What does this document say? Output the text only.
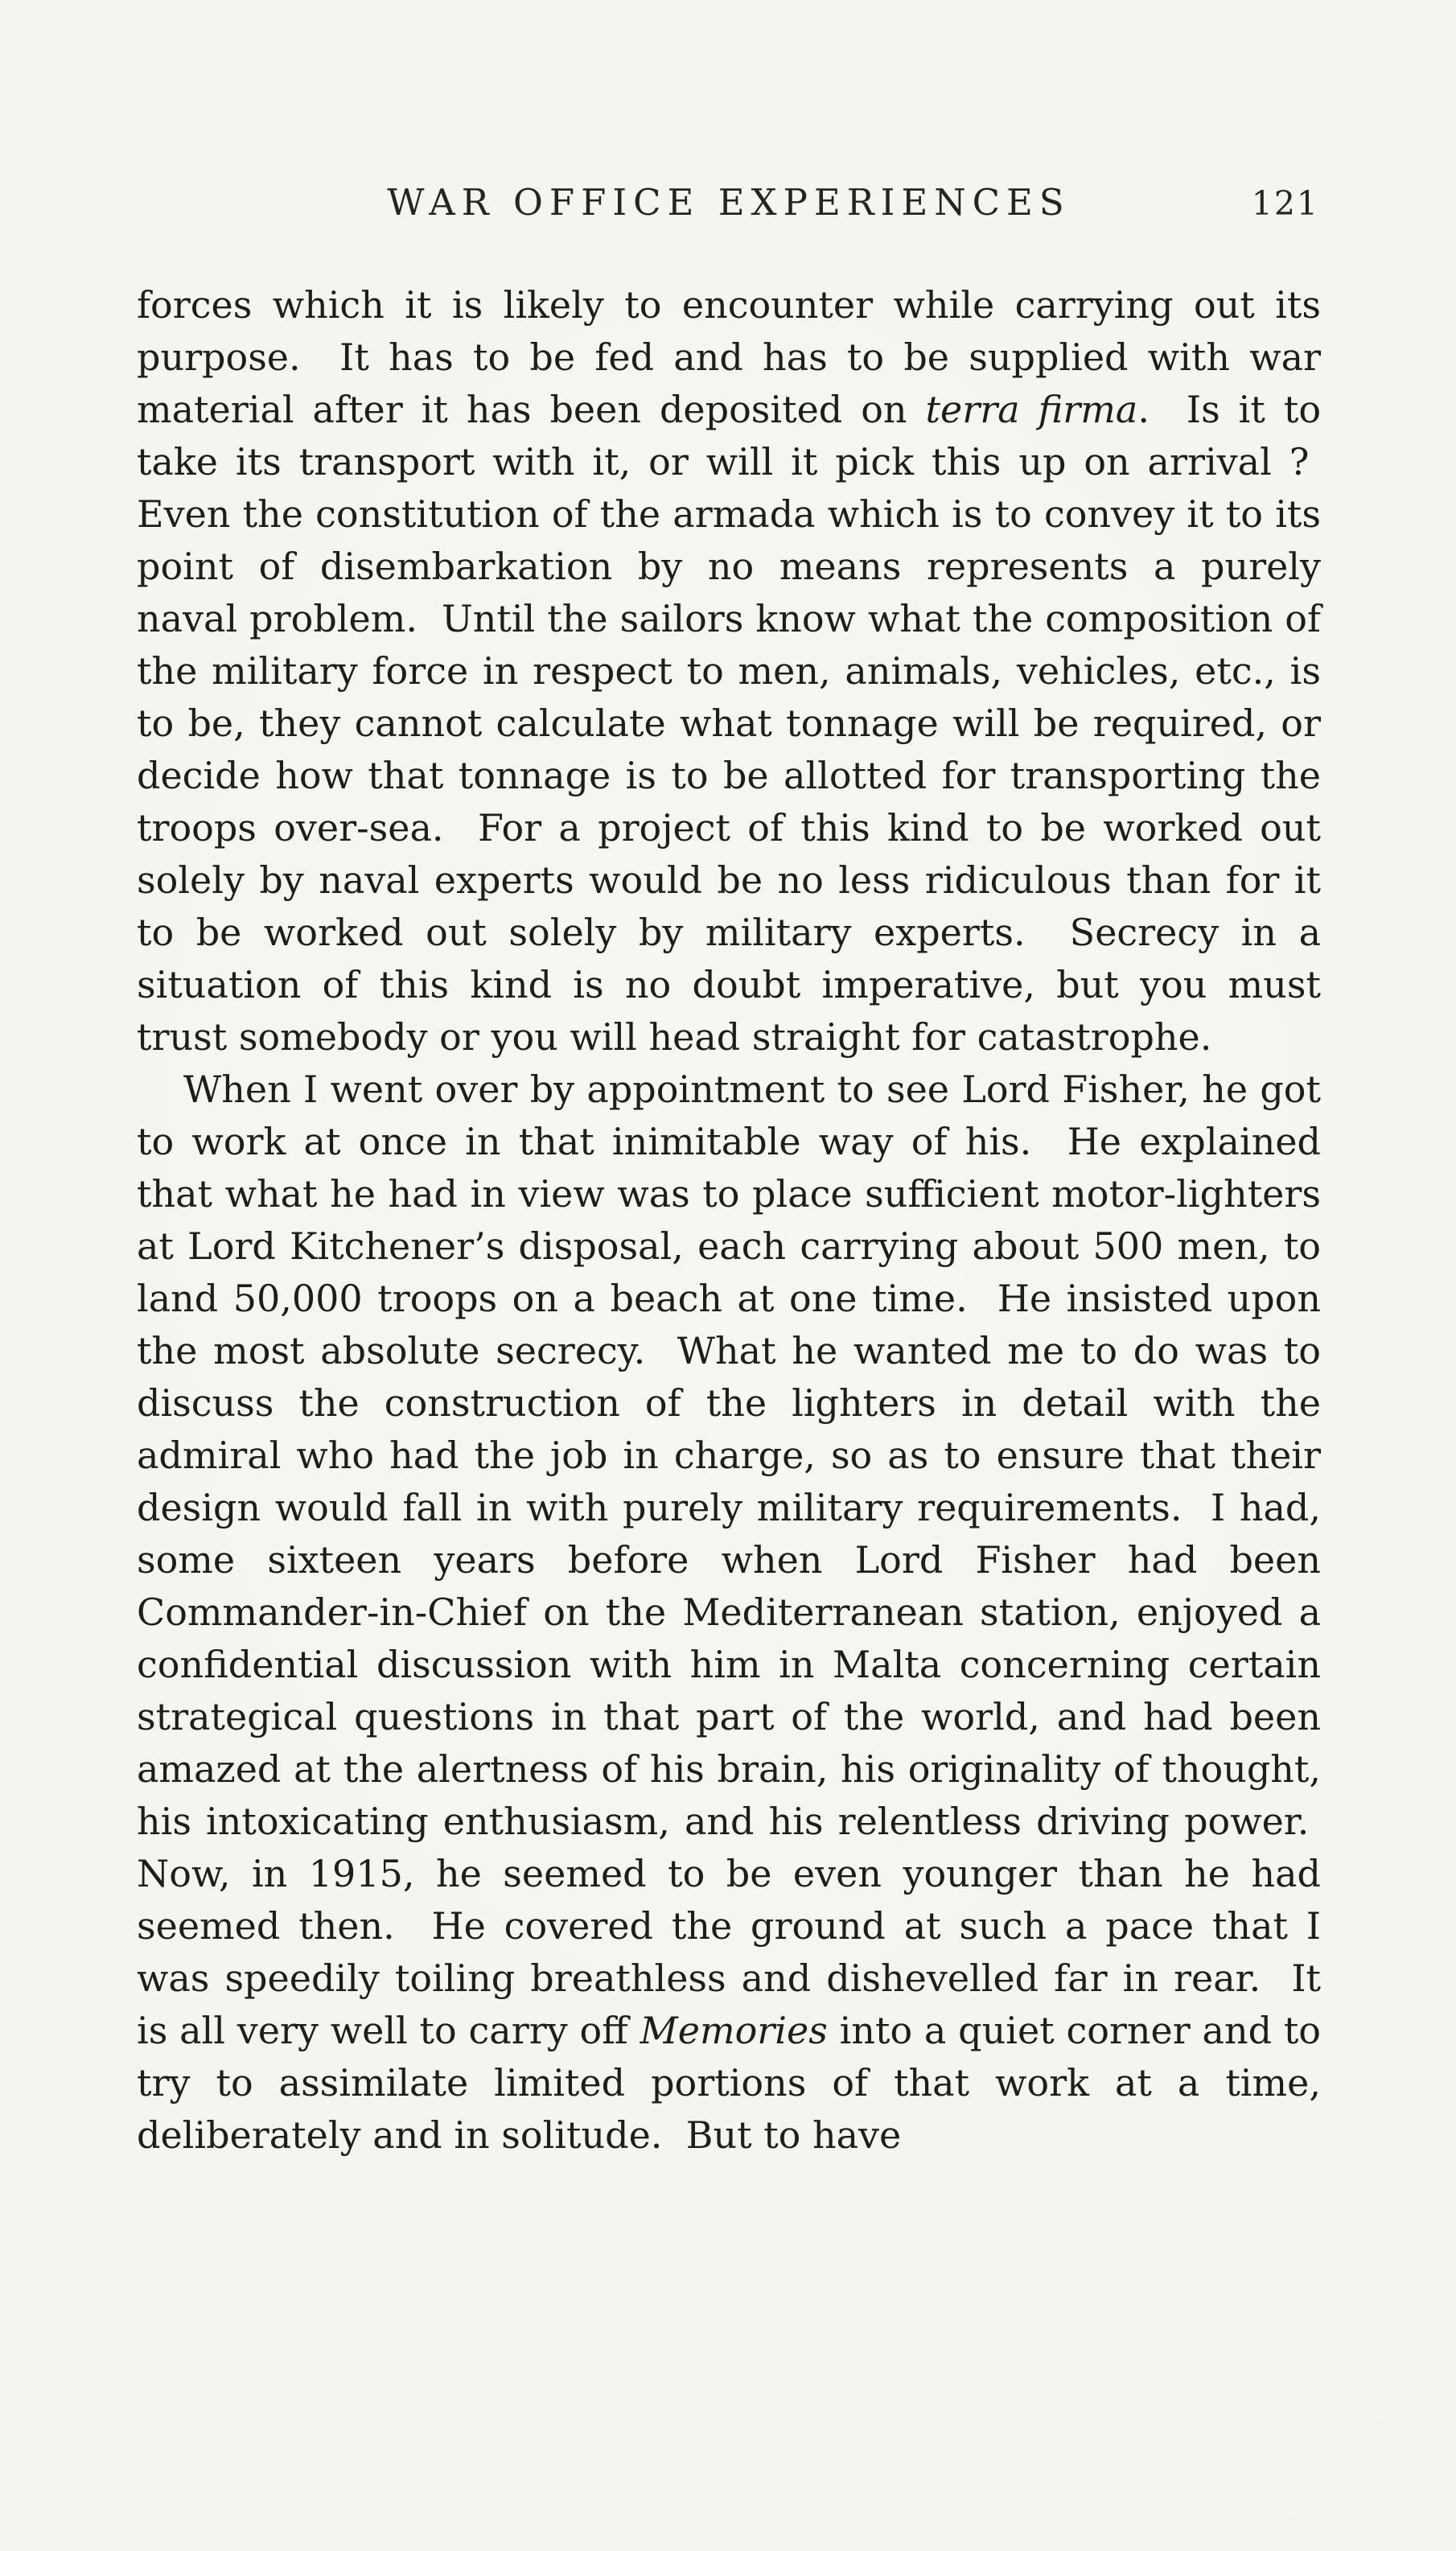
WAR OFFICE EXPERIENCES	121

forces which it is likely to encounter while carrying out its purpose.  It has to be fed and has to be supplied with war material after it has been deposited on terra firma.  Is it to take its transport with it, or will it pick this up on arrival ?  Even the constitution of the armada which is to convey it to its point of disembarkation by no means represents a purely naval problem.  Until the sailors know what the composition of the military force in respect to men, animals, vehicles, etc., is to be, they cannot calculate what tonnage will be required, or decide how that tonnage is to be allotted for transporting the troops over-sea.  For a project of this kind to be worked out solely by naval experts would be no less ridiculous than for it to be worked out solely by military experts.  Secrecy in a situation of this kind is no doubt imperative, but you must trust somebody or you will head straight for catastrophe.

When I went over by appointment to see Lord Fisher, he got to work at once in that inimitable way of his.  He explained that what he had in view was to place sufficient motor-lighters at Lord Kitchener’s disposal, each carrying about 500 men, to land 50,000 troops on a beach at one time.  He insisted upon the most absolute secrecy.  What he wanted me to do was to discuss the construction of the lighters in detail with the admiral who had the job in charge, so as to ensure that their design would fall in with purely military requirements.  I had, some sixteen years before when Lord Fisher had been Commander-in-Chief on the Mediterranean station, enjoyed a confidential discussion with him in Malta concerning certain strategical questions in that part of the world, and had been amazed at the alertness of his brain, his originality of thought, his intoxicating enthusiasm, and his relentless driving power.  Now, in 1915, he seemed to be even younger than he had seemed then.  He covered the ground at such a pace that I was speedily toiling breathless and dishevelled far in rear.  It is all very well to carry off Memories into a quiet corner and to try to assimilate limited portions of that work at a time, deliberately and in solitude.  But to have
